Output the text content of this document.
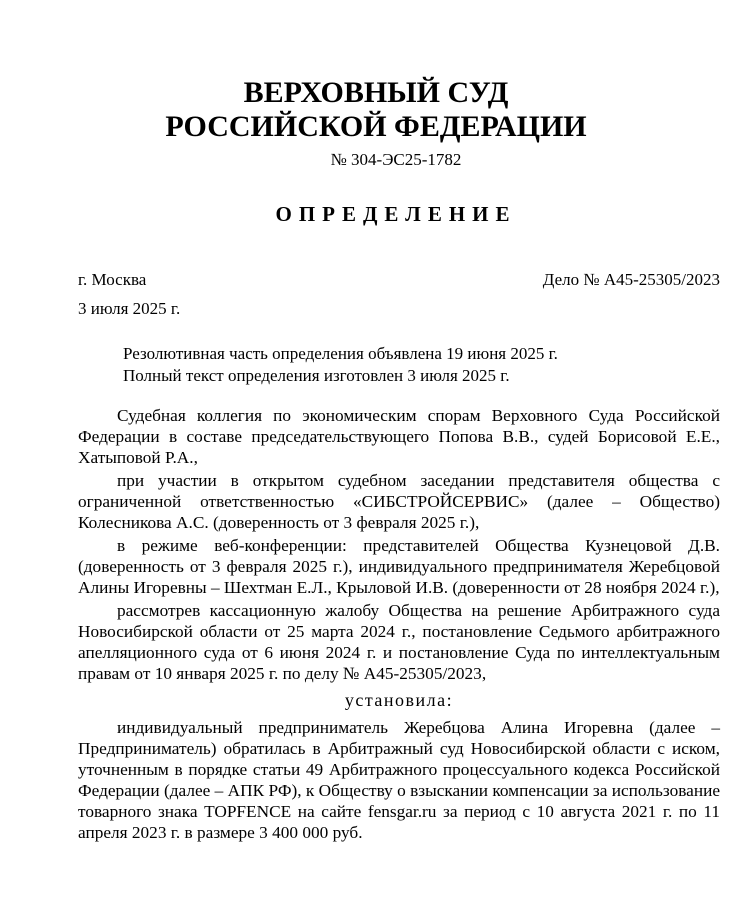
ВЕРХОВНЫЙ СУД
РОССИЙСКОЙ ФЕДЕРАЦИИ
№ 304-ЭС25-1782
ОПРЕДЕЛЕНИЕ
г. Москва	Дело № А45-25305/2023
3 июля 2025 г.
Резолютивная часть определения объявлена 19 июня 2025 г.
Полный текст определения изготовлен 3 июля 2025 г.

Судебная коллегия по экономическим спорам Верховного Суда Российской Федерации в составе председательствующего Попова В.В., судей Борисовой Е.Е., Хатыповой Р.А.,

при участии в открытом судебном заседании представителя общества с ограниченной ответственностью «СИБСТРОЙСЕРВИС» (далее – Общество) Колесникова А.С. (доверенность от 3 февраля 2025 г.),

в режиме веб-конференции: представителей Общества Кузнецовой Д.В. (доверенность от 3 февраля 2025 г.), индивидуального предпринимателя Жеребцовой Алины Игоревны – Шехтман Е.Л., Крыловой И.В. (доверенности от 28 ноября 2024 г.),

рассмотрев кассационную жалобу Общества на решение Арбитражного суда Новосибирской области от 25 марта 2024 г., постановление Седьмого арбитражного апелляционного суда от 6 июня 2024 г. и постановление Суда по интеллектуальным правам от 10 января 2025 г. по делу № А45-25305/2023,

установила:

индивидуальный предприниматель Жеребцова Алина Игоревна (далее – Предприниматель) обратилась в Арбитражный суд Новосибирской области с иском, уточненным в порядке статьи 49 Арбитражного процессуального кодекса Российской Федерации (далее – АПК РФ), к Обществу о взыскании компенсации за использование товарного знака TOPFENCE на сайте fensgar.ru за период с 10 августа 2021 г. по 11 апреля 2023 г. в размере 3 400 000 руб.
